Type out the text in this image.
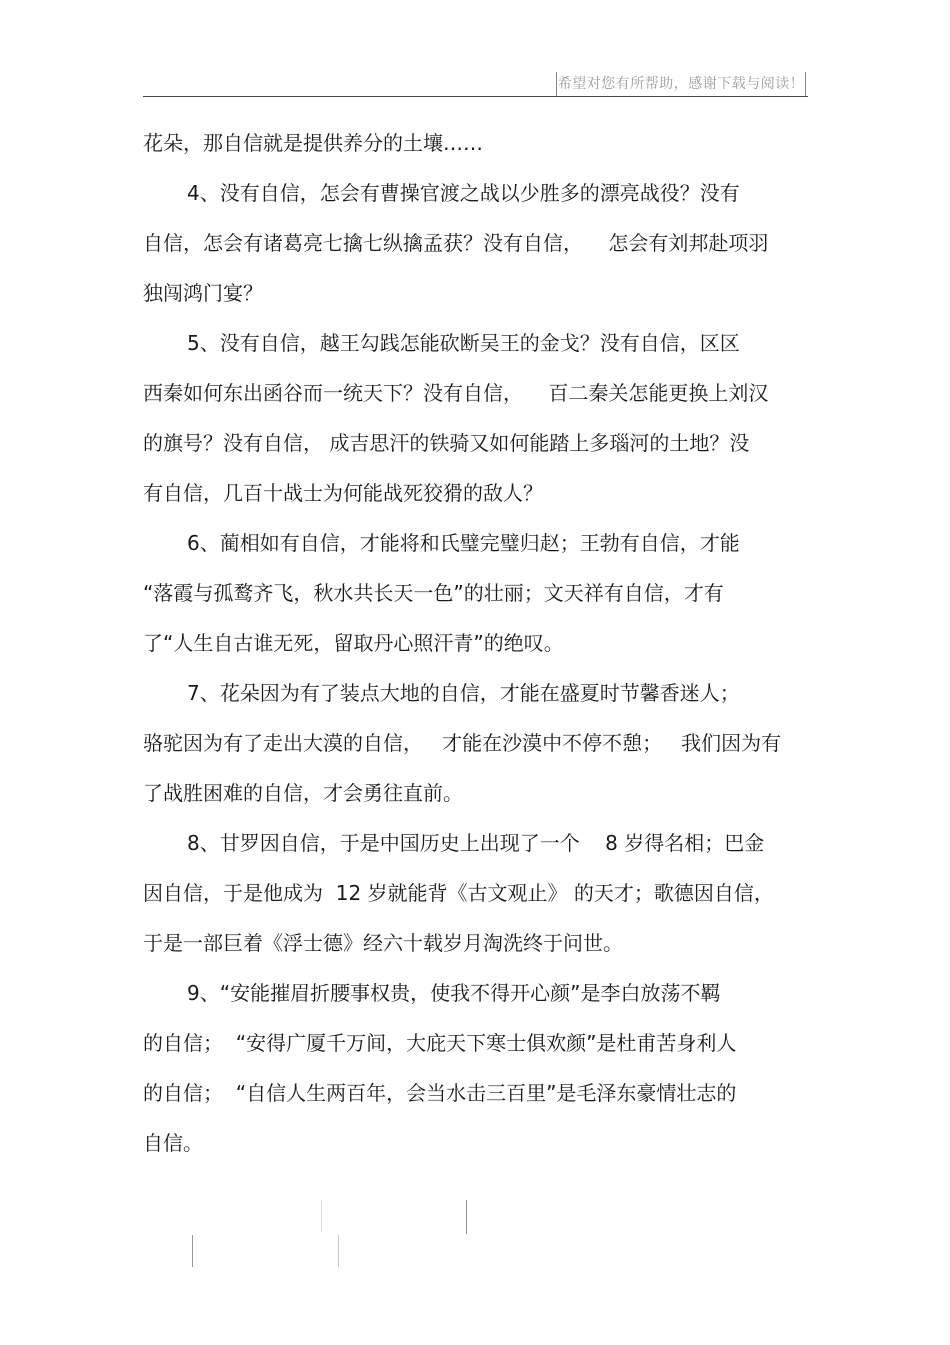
希望对您有所帮助，感谢下载与阅读！
花朵，那自信就是提供养分的土壤……
4、没有自信，怎会有曹操官渡之战以少胜多的漂亮战役？没有
自信，怎会有诸葛亮七擒七纵擒孟获？没有自信，    怎会有刘邦赴项羽
独闯鸿门宴？
5、没有自信，越王勾践怎能砍断吴王的金戈？没有自信，区区
西秦如何东出函谷而一统天下？没有自信，    百二秦关怎能更换上刘汉
的旗号？没有自信， 成吉思汗的铁骑又如何能踏上多瑙河的土地？没
有自信，几百十战士为何能战死狡猾的敌人？
6、蔺相如有自信，才能将和氏璧完璧归赵；王勃有自信，才能
“落霞与孤鹜齐飞，秋水共长天一色”的壮丽；文天祥有自信，才有
了“人生自古谁无死，留取丹心照汗青”的绝叹。
7、花朵因为有了装点大地的自信，才能在盛夏时节馨香迷人；
骆驼因为有了走出大漠的自信，   才能在沙漠中不停不憩；   我们因为有
了战胜困难的自信，才会勇往直前。
8、甘罗因自信，于是中国历史上出现了一个    8 岁得名相；巴金
因自信，于是他成为  12 岁就能背《古文观止》 的天才；歌德因自信，
于是一部巨着《浮士德》经六十载岁月淘洗终于问世。
9、“安能摧眉折腰事权贵，使我不得开心颜”是李白放荡不羁
的自信；  “安得广厦千万间，大庇天下寒士俱欢颜”是杜甫苦身利人
的自信；  “自信人生两百年，会当水击三百里”是毛泽东豪情壮志的
自信。
